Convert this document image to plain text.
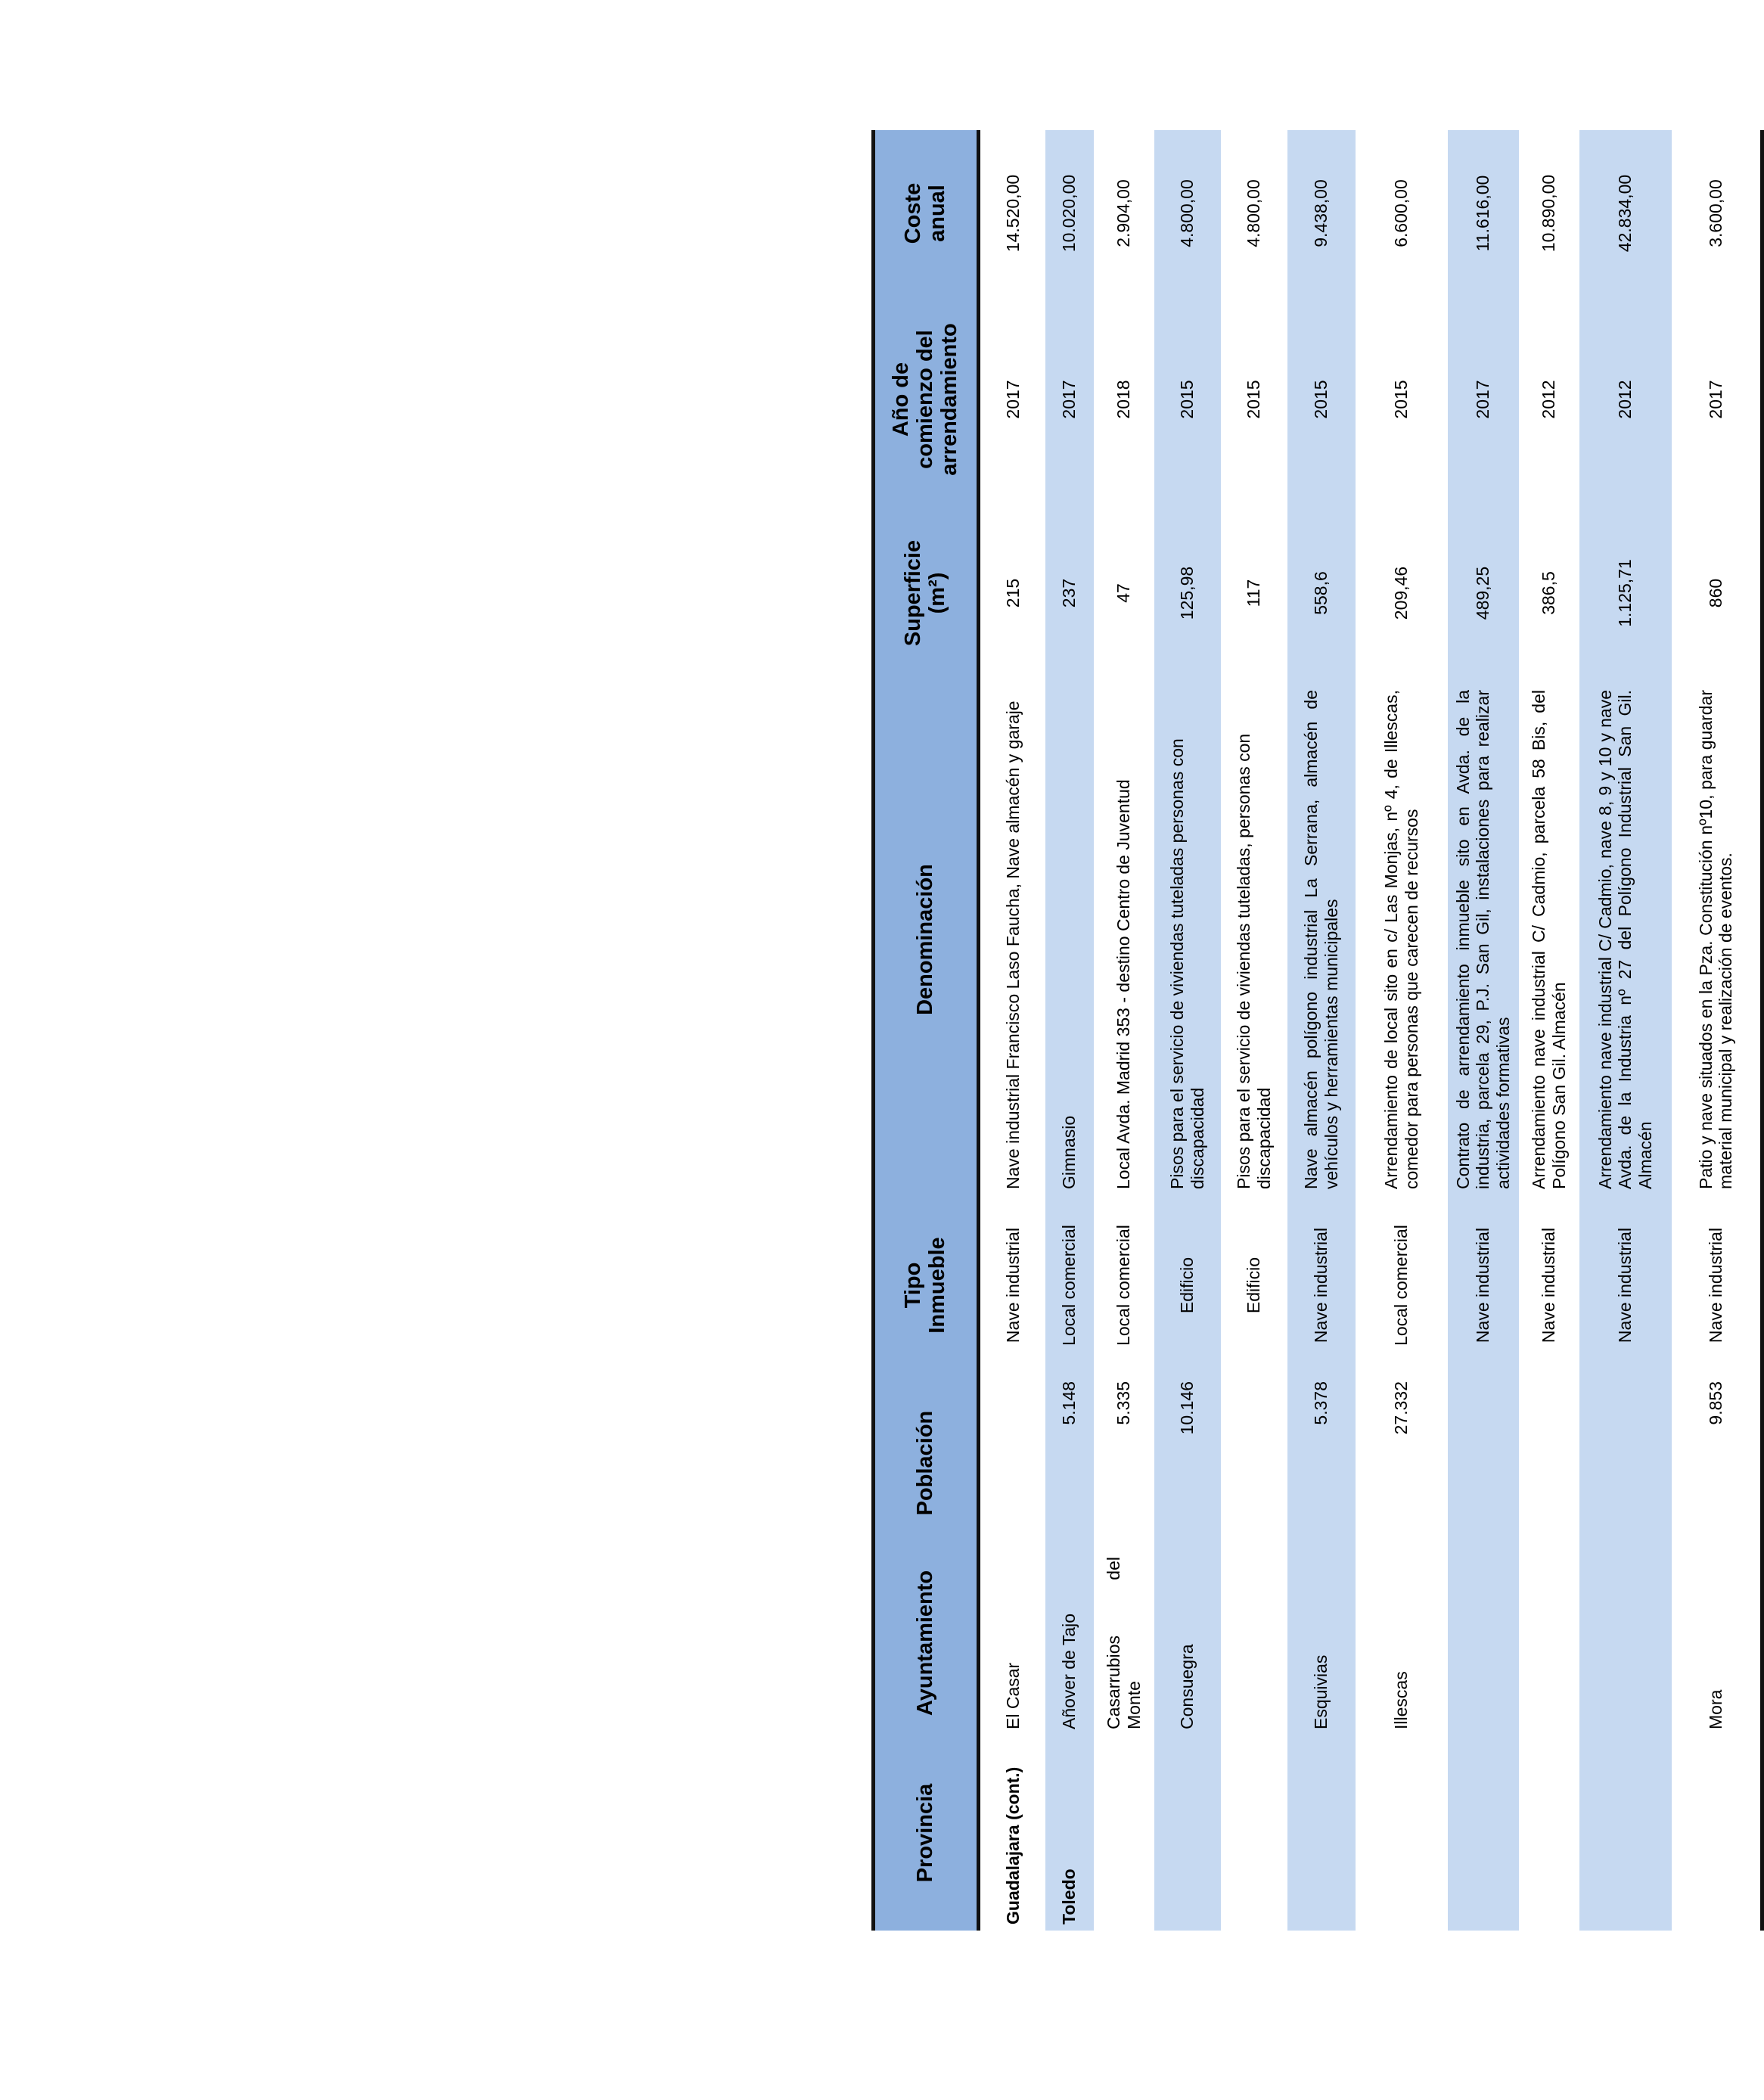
Provincia	Ayuntamiento	Población	Tipo Inmueble	Denominación	Superficie (m²)	Año de comienzo del arrendamiento	Coste anual

Guadalajara (cont.)	El Casar		Nave industrial	Nave industrial Francisco Laso Faucha, Nave almacén y garaje	215	2017	14.520,00
Toledo	Añover de Tajo	5.148	Local comercial	Gimnasio	237	2017	10.020,00
	Casarrubios del Monte	5.335	Local comercial	Local Avda. Madrid 353 - destino Centro de Juventud	47	2018	2.904,00
	Consuegra	10.146	Edificio	Pisos para el servicio de viviendas tuteladas personas con discapacidad	125,98	2015	4.800,00
			Edificio	Pisos para el servicio de viviendas tuteladas, personas con discapacidad	117	2015	4.800,00
	Esquivias	5.378	Nave industrial	Nave almacén polígono industrial La Serrana, almacén de vehículos y herramientas municipales	558,6	2015	9.438,00
	Illescas	27.332	Local comercial	Arrendamiento de local sito en c/ Las Monjas, nº 4, de Illescas, comedor para personas que carecen de recursos	209,46	2015	6.600,00
			Nave industrial	Contrato de arrendamiento inmueble sito en Avda. de la industria, parcela 29, P.J. San Gil, instalaciones para realizar actividades formativas	489,25	2017	11.616,00
			Nave industrial	Arrendamiento nave industrial C/ Cadmio, parcela 58 Bis, del Polígono San Gil. Almacén	386,5	2012	10.890,00
			Nave industrial	Arrendamiento nave industrial C/ Cadmio, nave 8, 9 y 10 y nave Avda. de la Industria nº 27 del Polígono Industrial San Gil. Almacén	1.125,71	2012	42.834,00
	Mora	9.853	Nave industrial	Patio y nave situados en la Pza. Constitución nº10, para guardar material municipal y realización de eventos.	860	2017	3.600,00
